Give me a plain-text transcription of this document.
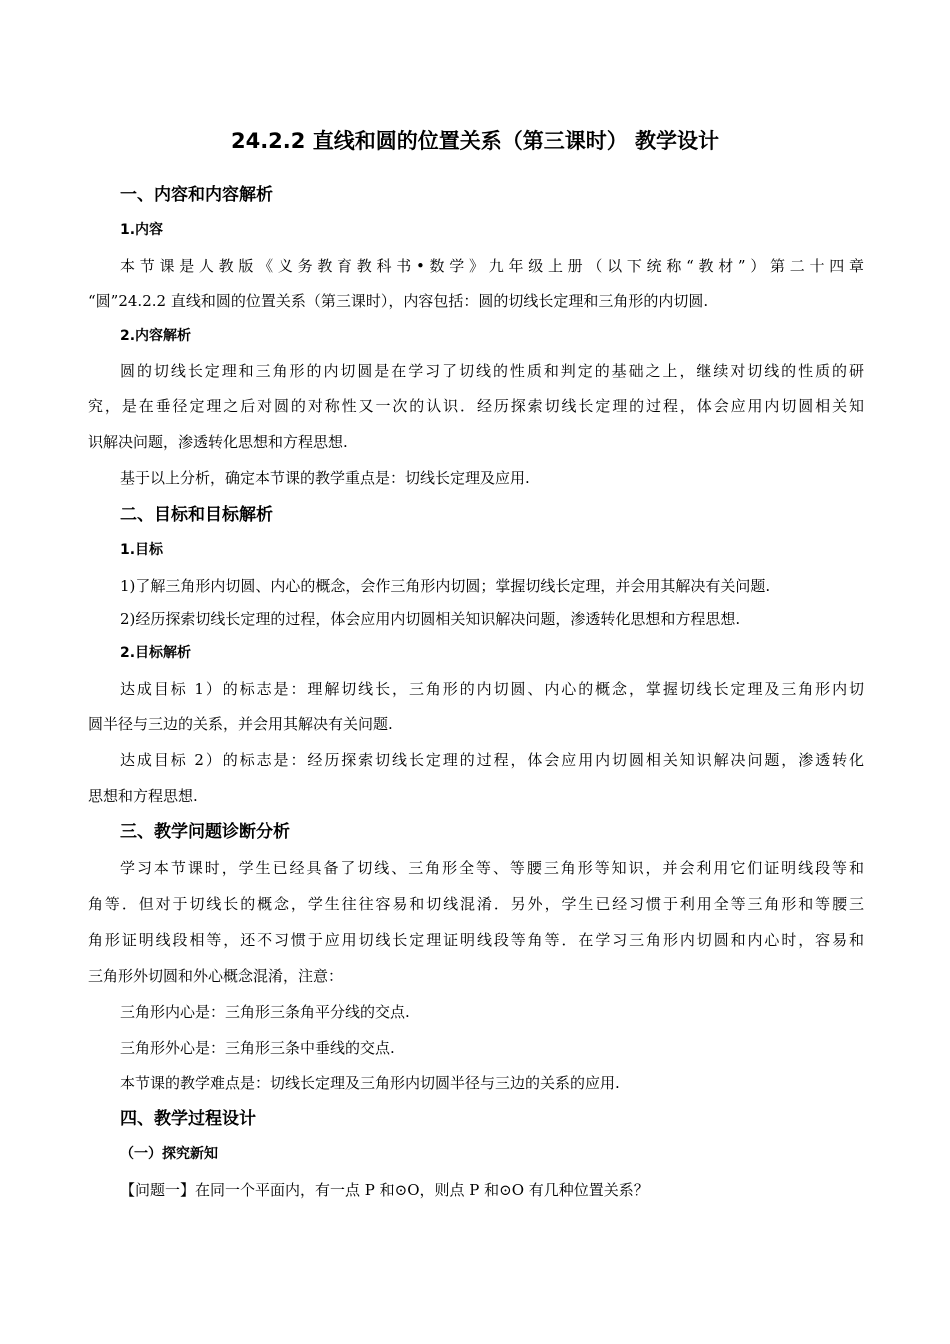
24.2.2 直线和圆的位置关系（第三课时） 教学设计
一、内容和内容解析
1.内容
本节课是人教版《义务教育教科书•数学》九年级上册（以下统称“教材”）第二十四章
“圆”24.2.2 直线和圆的位置关系（第三课时），内容包括：圆的切线长定理和三角形的内切圆.
2.内容解析
圆的切线长定理和三角形的内切圆是在学习了切线的性质和判定的基础之上，继续对切线的性质的研
究，是在垂径定理之后对圆的对称性又一次的认识．经历探索切线长定理的过程，体会应用内切圆相关知
识解决问题，渗透转化思想和方程思想.
基于以上分析，确定本节课的教学重点是：切线长定理及应用.
二、目标和目标解析
1.目标
1)了解三角形内切圆、内心的概念，会作三角形内切圆；掌握切线长定理，并会用其解决有关问题.
2)经历探索切线长定理的过程，体会应用内切圆相关知识解决问题，渗透转化思想和方程思想.
2.目标解析
达成目标 1）的标志是：理解切线长，三角形的内切圆、内心的概念，掌握切线长定理及三角形内切
圆半径与三边的关系，并会用其解决有关问题.
达成目标 2）的标志是：经历探索切线长定理的过程，体会应用内切圆相关知识解决问题，渗透转化
思想和方程思想.
三、教学问题诊断分析
学习本节课时，学生已经具备了切线、三角形全等、等腰三角形等知识，并会利用它们证明线段等和
角等．但对于切线长的概念，学生往往容易和切线混淆．另外，学生已经习惯于利用全等三角形和等腰三
角形证明线段相等，还不习惯于应用切线长定理证明线段等角等．在学习三角形内切圆和内心时，容易和
三角形外切圆和外心概念混淆，注意：
三角形内心是：三角形三条角平分线的交点.
三角形外心是：三角形三条中垂线的交点.
本节课的教学难点是：切线长定理及三角形内切圆半径与三边的关系的应用.
四、教学过程设计
（一）探究新知
【问题一】在同一个平面内，有一点 P 和⊙O，则点 P 和⊙O 有几种位置关系？
